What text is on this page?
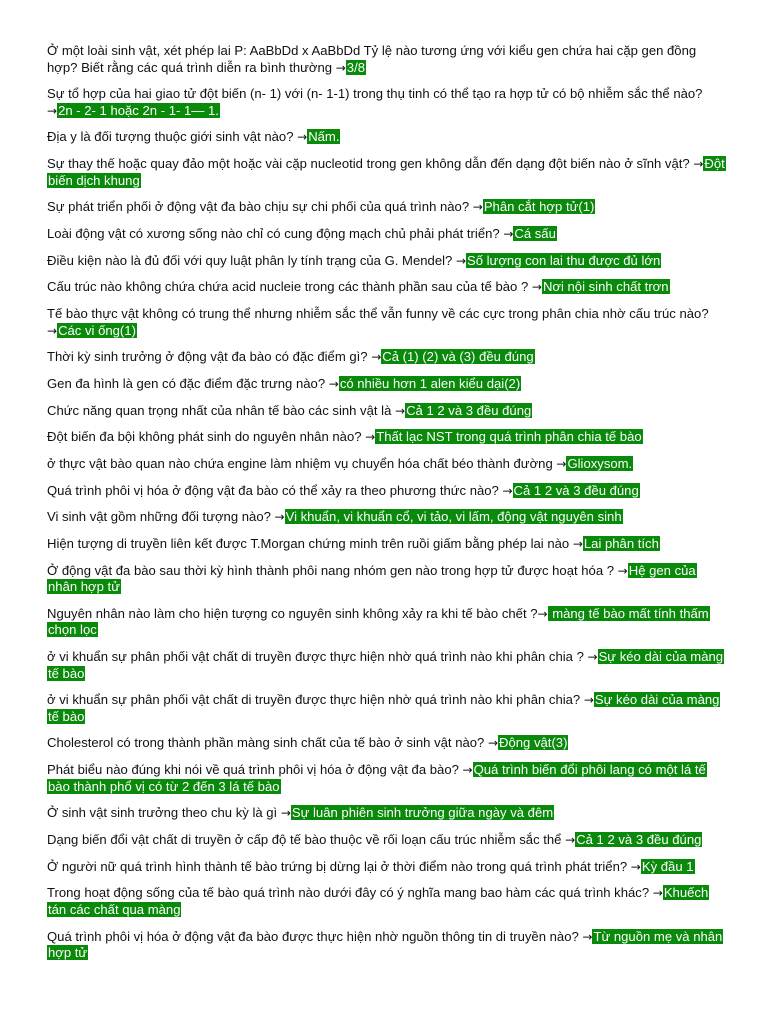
Ở một loài sinh vật, xét phép lai P: AaBbDd x AaBbDd Tỷ lệ nào tương ứng với kiểu gen chứa hai cặp gen đồng hợp? Biết rằng các quá trình diễn ra bình thường →3/8

Sự tổ hợp của hai giao tử đột biến (n- 1) với (n- 1-1) trong thụ tinh có thể tạo ra hợp tử có bộ nhiễm sắc thể nào? →2n - 2- 1 hoặc 2n - 1- 1— 1.

Địa y là đối tượng thuộc giới sinh vật nào? →Nấm.

Sự thay thế hoặc quay đảo một hoặc vài cặp nucleotid trong gen không dẫn đến dạng đột biến nào ở sĩnh vật? →Đột biến dịch khung

Sự phát triển phối ở động vật đa bào chịu sự chi phối của quá trình nào? →Phân cắt hợp tử(1)

Loài động vật có xương sống nào chỉ có cung động mạch chủ phải phát triển? →Cá sấu

Điều kiện nào là đủ đối với quy luật phân ly tính trạng của G. Mendel? →Số lượng con lai thu được đủ lớn

Cấu trúc nào không chứa chứa acid nucleie trong các thành phần sau của tế bào ? →Nơi nội sinh chất trơn

Tế bào thực vật không có trung thể nhưng nhiễm sắc thể vẫn funny về các cực trong phân chia nhờ cấu trúc nào? →Các vi ống(1)

Thời kỳ sinh trưởng ở động vật đa bào có đặc điểm gì? →Cả (1) (2) và (3) đều đúng

Gen đa hình là gen có đặc điểm đặc trưng nào? →có nhiều hơn 1 alen kiểu dại(2)

Chức năng quan trọng nhất của nhân tế bào các sinh vật là →Cả 1 2 và 3 đều đúng

Đột biến đa bội không phát sinh do nguyên nhân nào? →Thất lạc NST trong quá trình phân chia tế bào

ở thực vật bào quan nào chứa engine làm nhiệm vụ chuyển hóa chất béo thành đường →Glioxysom.

Quá trình phôi vị hóa ở động vật đa bào có thể xảy ra theo phương thức nào? →Cả 1 2 và 3 đều đúng

Vi sinh vật gồm những đối tượng nào? →Vi khuẩn, vi khuẩn cổ, vi tảo, vi lấm, động vật nguyên sinh

Hiện tượng di truyền liên kết được T.Morgan chứng minh trên ruồi giấm bằng phép lai nào →Lai phân tích

Ở động vật đa bào sau thời kỳ hình thành phôi nang nhóm gen nào trong hợp tử được hoạt hóa ? →Hệ gen của nhân hợp tử

Nguyên nhân nào làm cho hiện tượng co nguyên sinh không xảy ra khi tế bào chết ?→ màng tế bào mất tính thấm chọn lọc

ở vi khuẩn sự phân phối vật chất di truyền được thực hiện nhờ quá trình nào khi phân chia ? →Sự kéo dài của màng tế bào

ở vi khuẩn sự phân phối vật chất di truyền được thực hiện nhờ quá trình nào khi phân chia? →Sự kéo dài của màng tế bào

Cholesterol có trong thành phần màng sinh chất của tế bào ở sinh vật nào? →Động vật(3)

Phát biểu nào đúng khi nói về quá trình phôi vị hóa ở động vật đa bào? →Quá trình biến đổi phôi lang có một lá tế bào thành phổ vị có từ 2 đến 3 lá tế bào

Ở sinh vật sinh trưởng theo chu kỳ là gì →Sự luân phiên sinh trưởng giữa ngày và đêm

Dạng biến đổi vật chất di truyền ở cấp độ tế bào thuộc về rối loạn cấu trúc nhiễm sắc thể →Cả 1 2 và 3 đều đúng

Ở người nữ quá trình hình thành tế bào trứng bị dừng lại ở thời điểm nào trong quá trình phát triển? →Kỳ đầu 1

Trong hoạt động sống của tế bào quá trình nào dưới đây có ý nghĩa mang bao hàm các quá trình khác? →Khuếch tán các chất qua màng

Quá trình phôi vị hóa ở động vật đa bào được thực hiện nhờ nguồn thông tin di truyền nào? →Từ nguồn mẹ và nhân hợp tử
